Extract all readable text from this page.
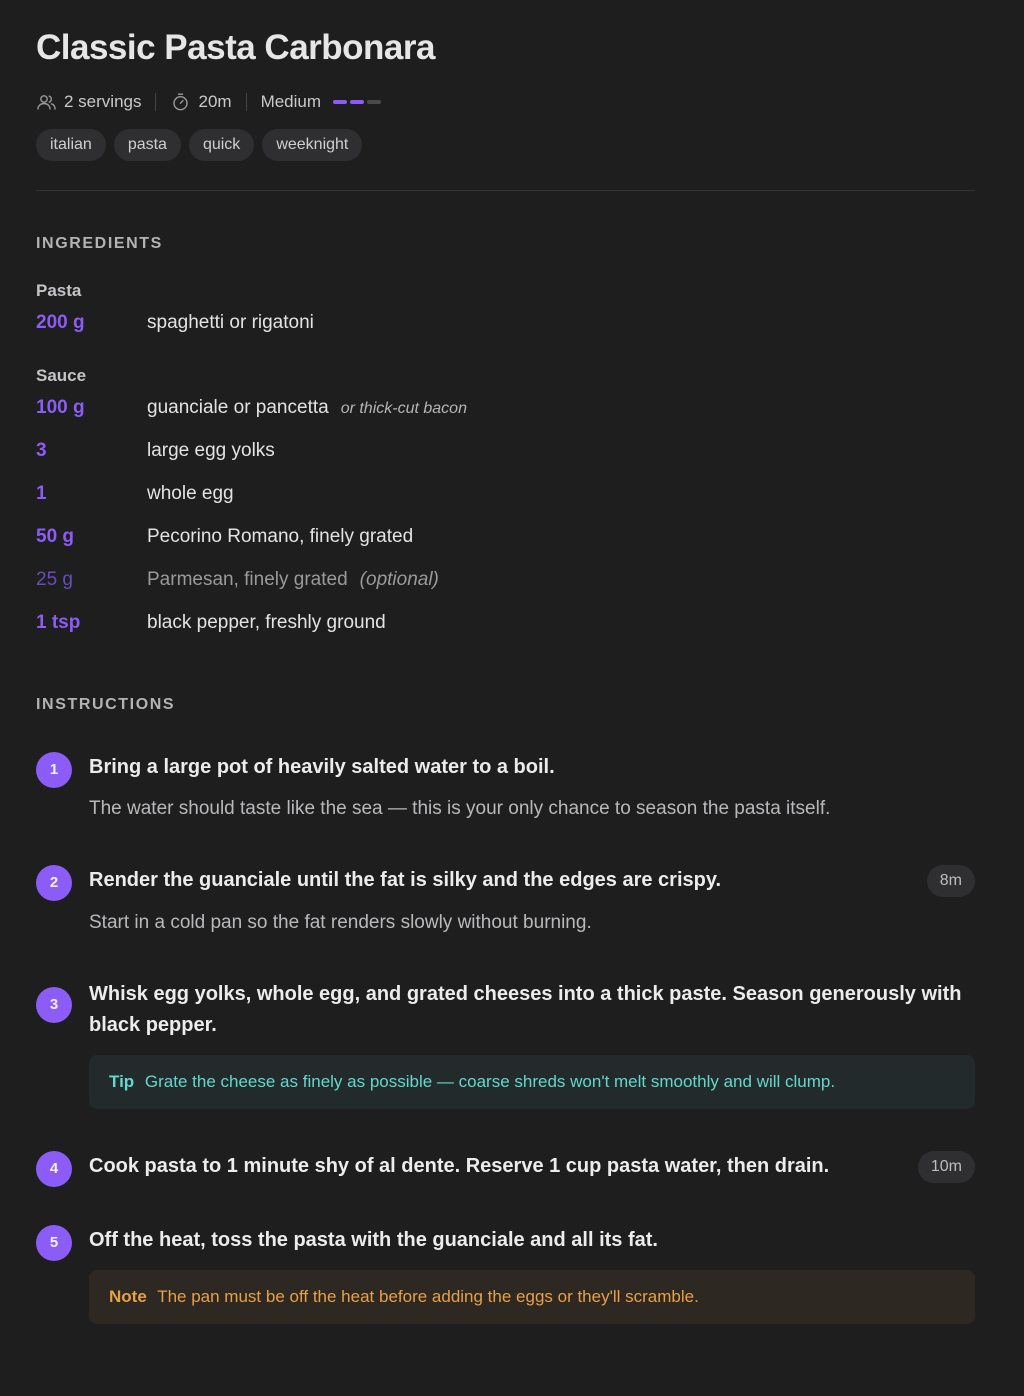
Classic Pasta Carbonara
2 servings	20m Medium
italian	pasta	quick	weeknight
INGREDIENTS
Pasta
200 g	spaghetti or rigatoni
Sauce
100 g	guanciale or pancetta or thick-cut bacon
3	large egg yolks
1	whole egg
50 g	Pecorino Romano, finely grated
25 g	Parmesan, finely grated (optional)
1 tsp	black pepper, freshly ground
INSTRUCTIONS
1	Bring a large pot of heavily salted water to a boil.
The water should taste like the sea — this is your only chance to season the pasta itself.
2	Render the guanciale until the fat is silky and the edges are crispy.	8m
Start in a cold pan so the fat renders slowly without burning.
3	Whisk egg yolks, whole egg, and grated cheeses into a thick paste. Season generously with black pepper.
Tip Grate the cheese as finely as possible — coarse shreds won't melt smoothly and will clump.
4	Cook pasta to 1 minute shy of al dente. Reserve 1 cup pasta water, then drain.	10m
5	Off the heat, toss the pasta with the guanciale and all its fat.
Note The pan must be off the heat before adding the eggs or they'll scramble.
